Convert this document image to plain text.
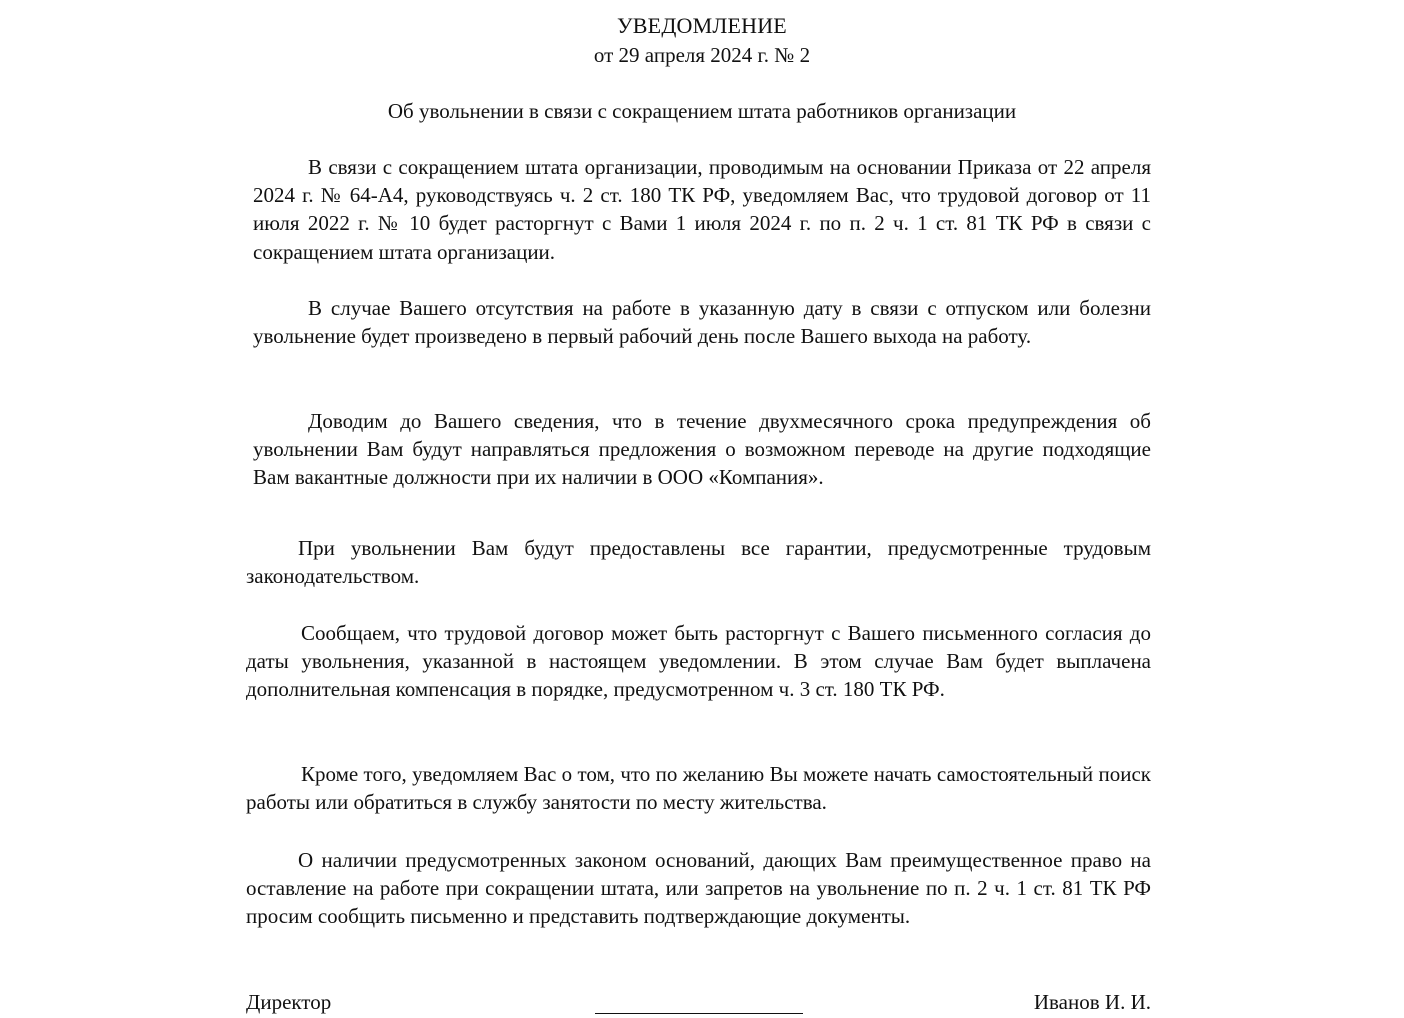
УВЕДОМЛЕНИЕ
от 29 апреля 2024 г. № 2
Об увольнении в связи с сокращением штата работников организации

В связи с сокращением штата организации, проводимым на основании Приказа от 22 апреля 2024 г. № 64-А4, руководствуясь ч. 2 ст. 180 ТК РФ, уведомляем Вас, что трудовой договор от 11 июля 2022 г. № 10 будет расторгнут с Вами 1 июля 2024 г. по п. 2 ч. 1 ст. 81 ТК РФ в связи с сокращением штата организации.

В случае Вашего отсутствия на работе в указанную дату в связи с отпуском или болезни увольнение будет произведено в первый рабочий день после Вашего выхода на работу.

Доводим до Вашего сведения, что в течение двухмесячного срока предупреждения об увольнении Вам будут направляться предложения о возможном переводе на другие подходящие Вам вакантные должности при их наличии в ООО «Компания».

При увольнении Вам будут предоставлены все гарантии, предусмотренные трудовым законодательством.

Сообщаем, что трудовой договор может быть расторгнут с Вашего письменного согласия до даты увольнения, указанной в настоящем уведомлении. В этом случае Вам будет выплачена дополнительная компенсация в порядке, предусмотренном ч. 3 ст. 180 ТК РФ.

Кроме того, уведомляем Вас о том, что по желанию Вы можете начать самостоятельный поиск работы или обратиться в службу занятости по месту жительства.

О наличии предусмотренных законом оснований, дающих Вам преимущественное право на оставление на работе при сокращении штата, или запретов на увольнение по п. 2 ч. 1 ст. 81 ТК РФ просим сообщить письменно и представить подтверждающие документы.

Директор	Иванов И. И.
